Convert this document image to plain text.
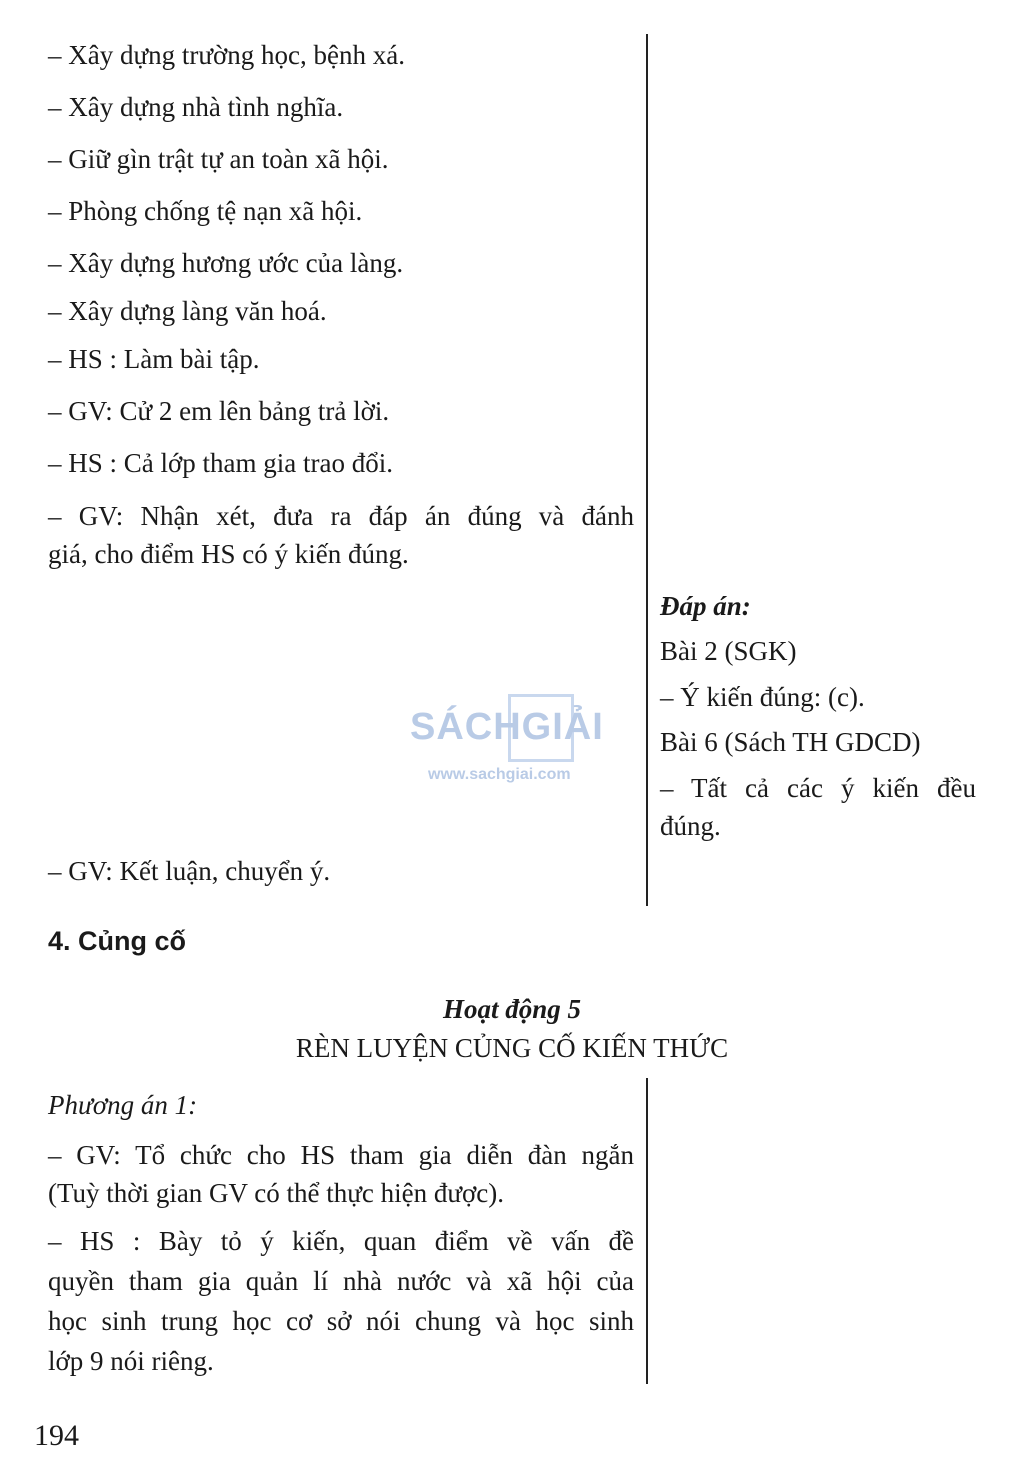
– Xây dựng trường học, bệnh xá.
– Xây dựng nhà tình nghĩa.
– Giữ gìn trật tự an toàn xã hội.
– Phòng chống tệ nạn xã hội.
– Xây dựng hương ước của làng.
– Xây dựng làng văn hoá.
– HS : Làm bài tập.
– GV: Cử 2 em lên bảng trả lời.
– HS : Cả lớp tham gia trao đổi.
– GV: Nhận xét, đưa ra đáp án đúng và đánh
giá, cho điểm HS có ý kiến đúng.
– GV: Kết luận, chuyển ý.
Đáp án:
Bài 2 (SGK)
– Ý kiến đúng: (c).
Bài 6 (Sách TH GDCD)
– Tất cả các ý kiến đều
đúng.
SÁCHGIẢI
www.sachgiai.com
4. Củng cố
Hoạt động 5
RÈN LUYỆN CỦNG CỐ KIẾN THỨC
Phương án 1:
– GV: Tổ chức cho HS tham gia diễn đàn ngắn
(Tuỳ thời gian GV có thể thực hiện được).
– HS : Bày tỏ ý kiến, quan điểm về vấn đề
quyền tham gia quản lí nhà nước và xã hội của
học sinh trung học cơ sở nói chung và học sinh
lớp 9 nói riêng.
194
